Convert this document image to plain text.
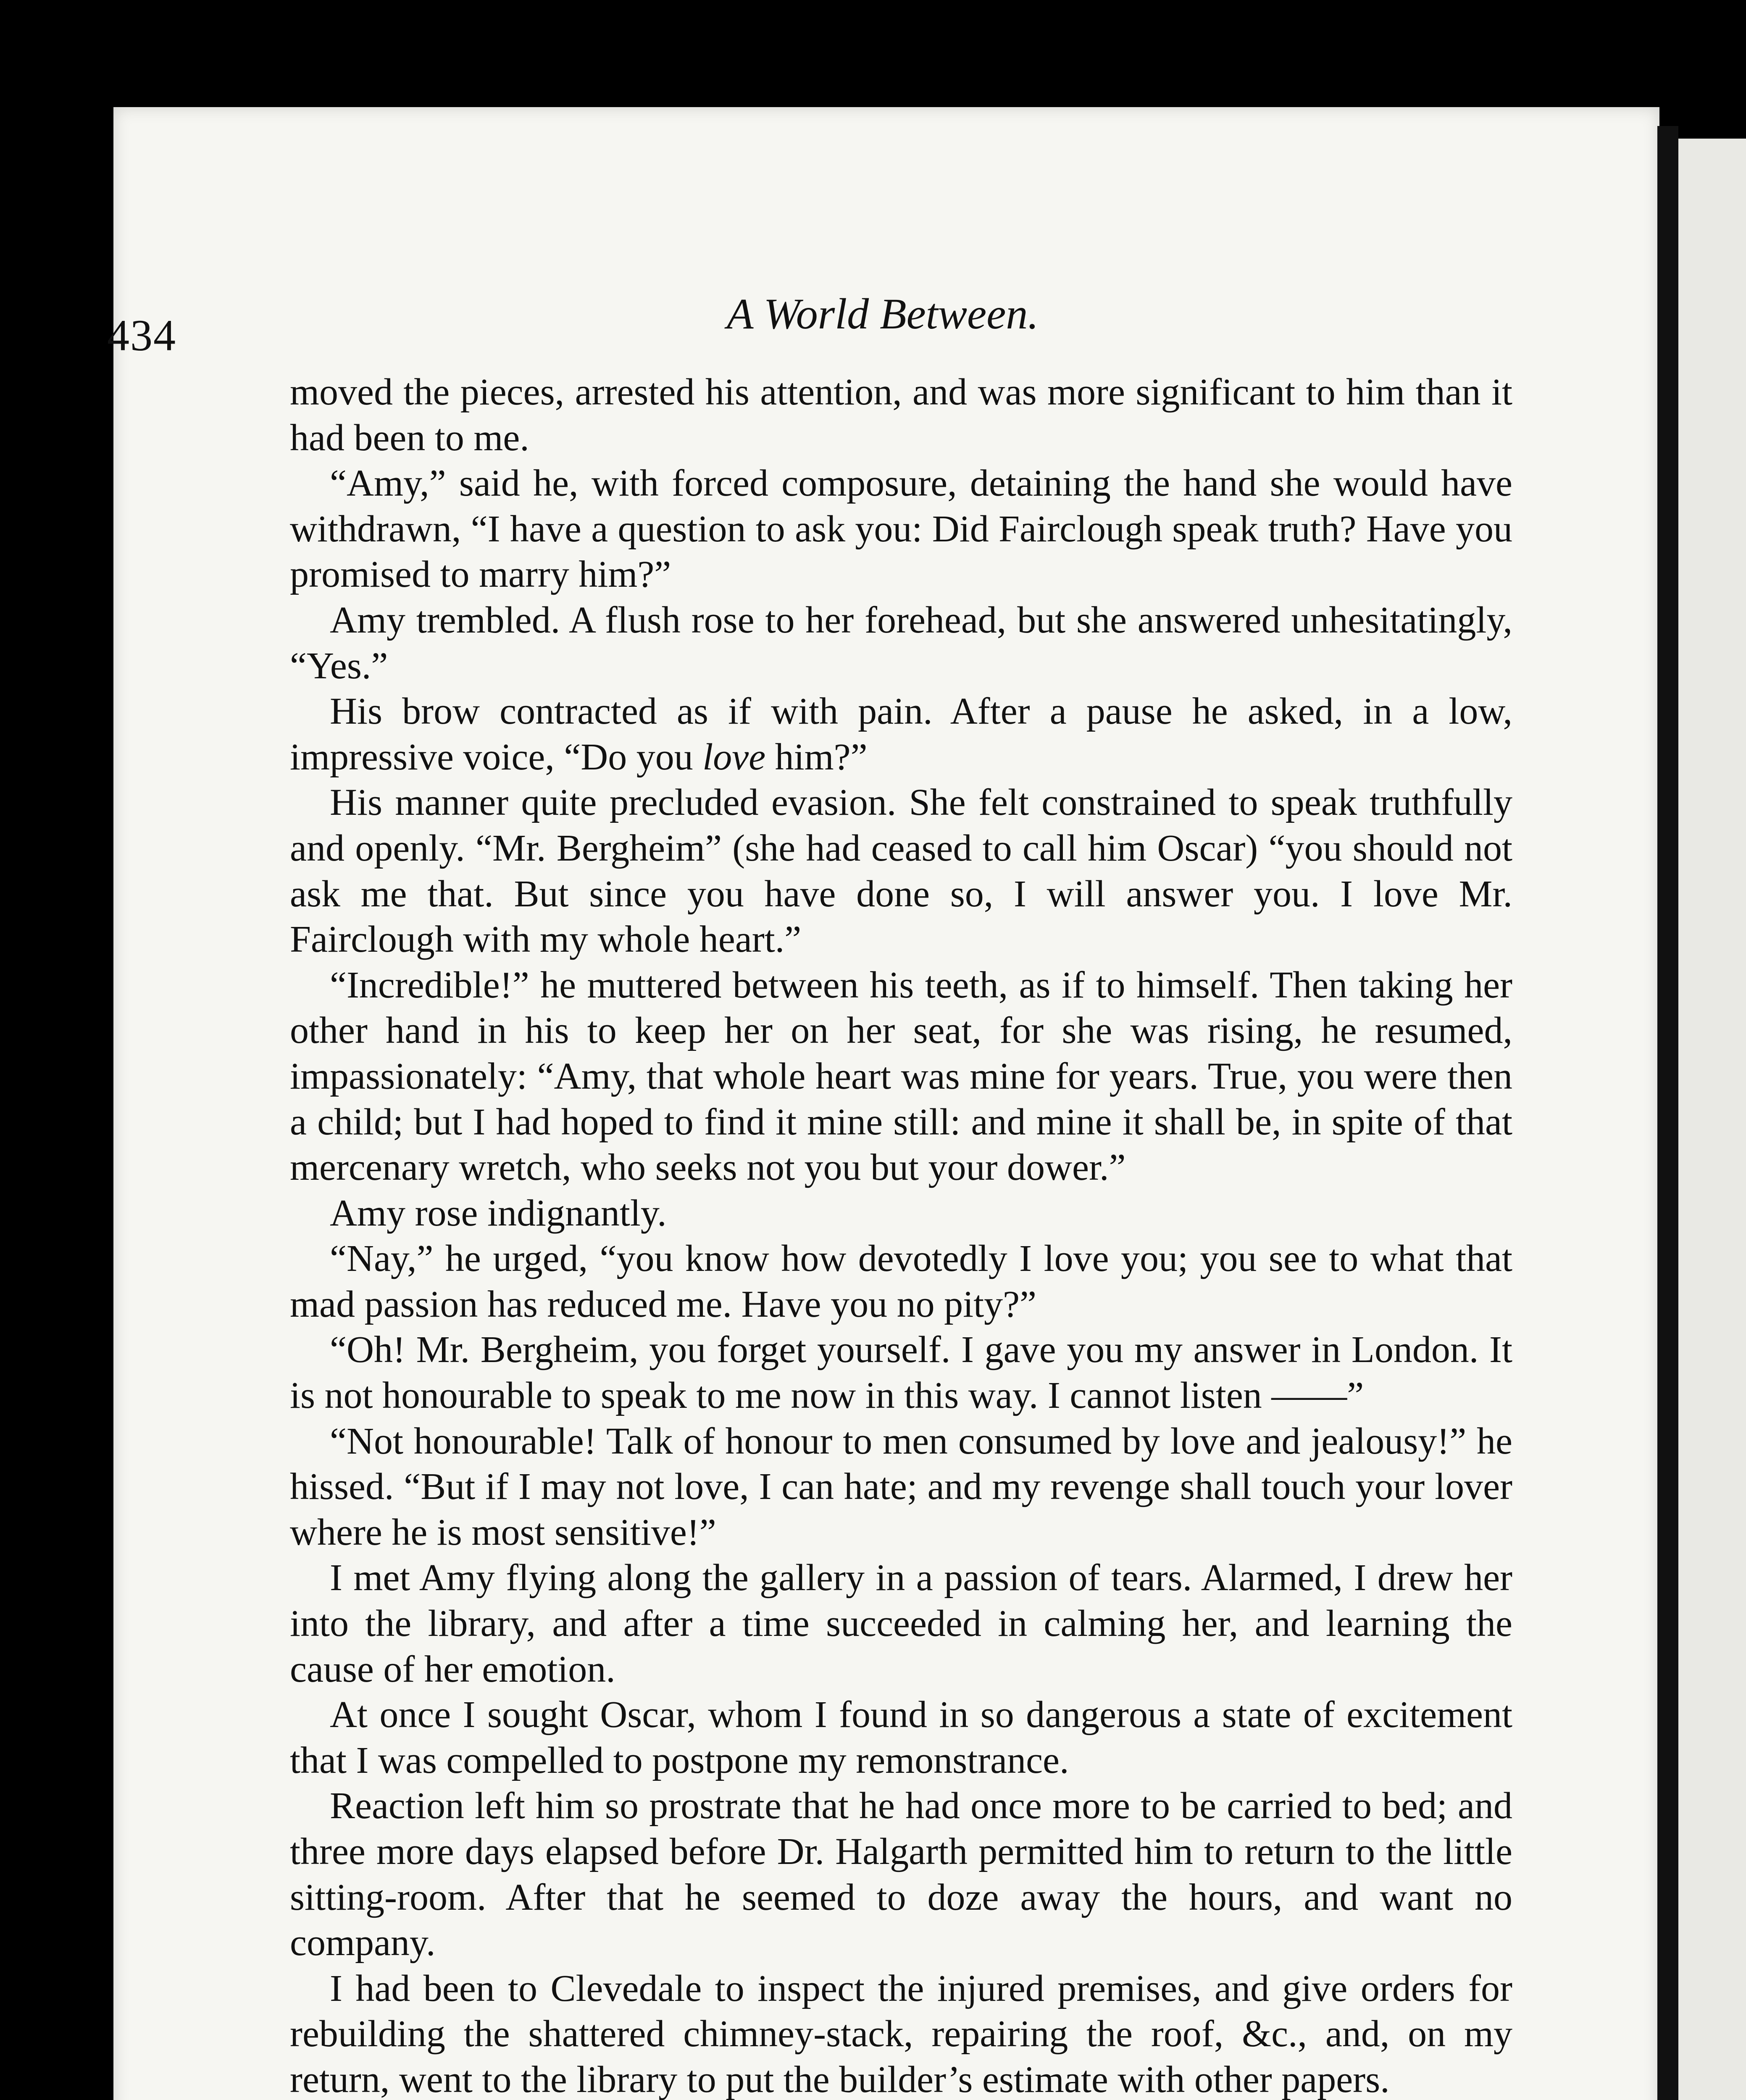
434	A World Between.

moved the pieces, arrested his attention, and was more significant to him than it had been to me.

“Amy,” said he, with forced composure, detaining the hand she would have withdrawn, “I have a question to ask you: Did Fairclough speak truth? Have you promised to marry him?”

Amy trembled. A flush rose to her forehead, but she answered unhesitatingly, “Yes.”

His brow contracted as if with pain. After a pause he asked, in a low, impressive voice, “Do you love him?”

His manner quite precluded evasion. She felt constrained to speak truthfully and openly. “Mr. Bergheim” (she had ceased to call him Oscar) “you should not ask me that. But since you have done so, I will answer you. I love Mr. Fairclough with my whole heart.”

“Incredible!” he muttered between his teeth, as if to himself. Then taking her other hand in his to keep her on her seat, for she was rising, he resumed, impassionately: “Amy, that whole heart was mine for years. True, you were then a child; but I had hoped to find it mine still: and mine it shall be, in spite of that mercenary wretch, who seeks not you but your dower.”

Amy rose indignantly.

“Nay,” he urged, “you know how devotedly I love you; you see to what that mad passion has reduced me. Have you no pity?”

“Oh! Mr. Bergheim, you forget yourself. I gave you my answer in London. It is not honourable to speak to me now in this way. I cannot listen ——”

“Not honourable! Talk of honour to men consumed by love and jealousy!” he hissed. “But if I may not love, I can hate; and my revenge shall touch your lover where he is most sensitive!”

I met Amy flying along the gallery in a passion of tears. Alarmed, I drew her into the library, and after a time succeeded in calming her, and learning the cause of her emotion.

At once I sought Oscar, whom I found in so dangerous a state of excitement that I was compelled to postpone my remonstrance.

Reaction left him so prostrate that he had once more to be carried to bed; and three more days elapsed before Dr. Halgarth permitted him to return to the little sitting-room. After that he seemed to doze away the hours, and want no company.

I had been to Clevedale to inspect the injured premises, and give orders for rebuilding the shattered chimney-stack, repairing the roof, &c., and, on my return, went to the library to put the builder’s estimate with other papers.
